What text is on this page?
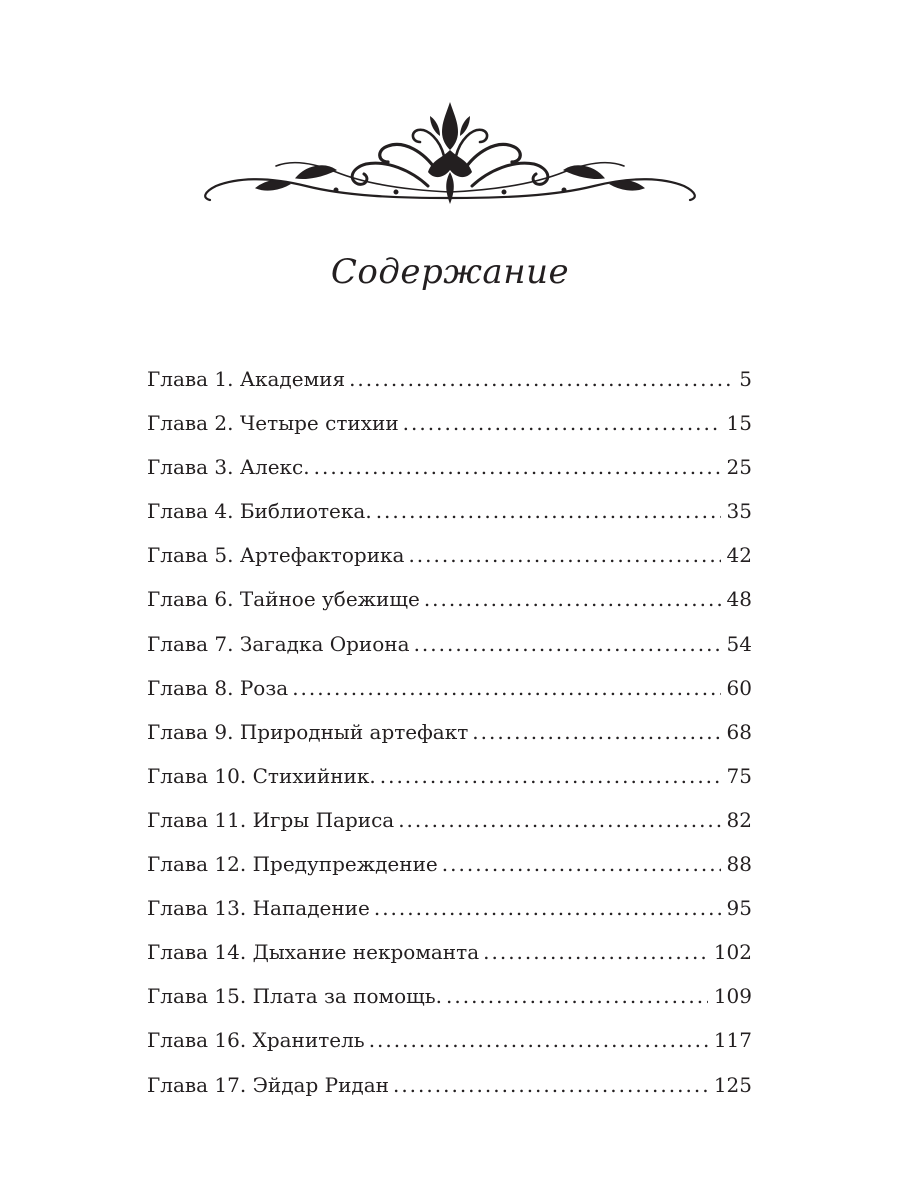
Содержание
Глава 1. Академия .....	5
Глава 2. Четыре стихии .....	15
Глава 3. Алекс. .....	25
Глава 4. Библиотека. .....	35
Глава 5. Артефакторика .....	42
Глава 6. Тайное убежище .....	48
Глава 7. Загадка Ориона .....	54
Глава 8. Роза .....	60
Глава 9. Природный артефакт .....	68
Глава 10. Стихийник. .....	75
Глава 11. Игры Париса .....	82
Глава 12. Предупреждение .....	88
Глава 13. Нападение .....	95
Глава 14. Дыхание некроманта .....	102
Глава 15. Плата за помощь. .....	109
Глава 16. Хранитель .....	117
Глава 17. Эйдар Ридан .....	125
